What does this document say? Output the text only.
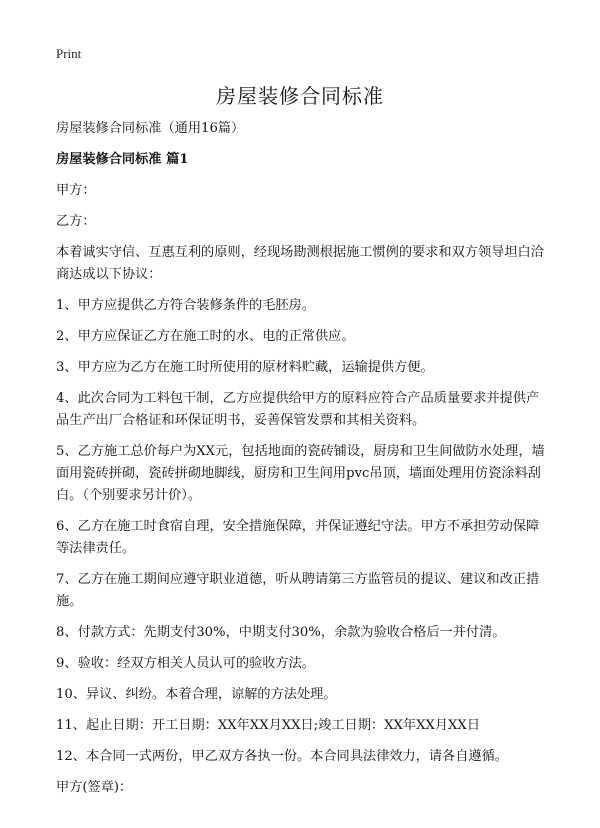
Print
房屋装修合同标准

房屋装修合同标准（通用16篇）

房屋装修合同标准 篇1

甲方：

乙方：

本着诚实守信、互惠互利的原则，经现场勘测根据施工惯例的要求和双方领导坦白洽商达成以下协议：

1、甲方应提供乙方符合装修条件的毛胚房。

2、甲方应保证乙方在施工时的水、电的正常供应。

3、甲方应为乙方在施工时所使用的原材料贮藏，运输提供方便。

4、此次合同为工料包干制，乙方应提供给甲方的原料应符合产品质量要求并提供产品生产出厂合格证和环保证明书，妥善保管发票和其相关资料。

5、乙方施工总价每户为XX元，包括地面的瓷砖铺设，厨房和卫生间做防水处理，墙面用瓷砖拼砌，瓷砖拼砌地脚线，厨房和卫生间用pvc吊顶，墙面处理用仿瓷涂料刮白。（个别要求另计价）。

6、乙方在施工时食宿自理，安全措施保障，并保证遵纪守法。甲方不承担劳动保障等法律责任。

7、乙方在施工期间应遵守职业道德，听从聘请第三方监管员的提议、建议和改正措施。

8、付款方式：先期支付30%，中期支付30%，余款为验收合格后一并付清。

9、验收：经双方相关人员认可的验收方法。

10、异议、纠纷。本着合理，谅解的方法处理。

11、起止日期：开工日期：XX年XX月XX日;竣工日期：XX年XX月XX日

12、本合同一式两份，甲乙双方各执一份。本合同具法律效力，请各自遵循。

甲方(签章)：
